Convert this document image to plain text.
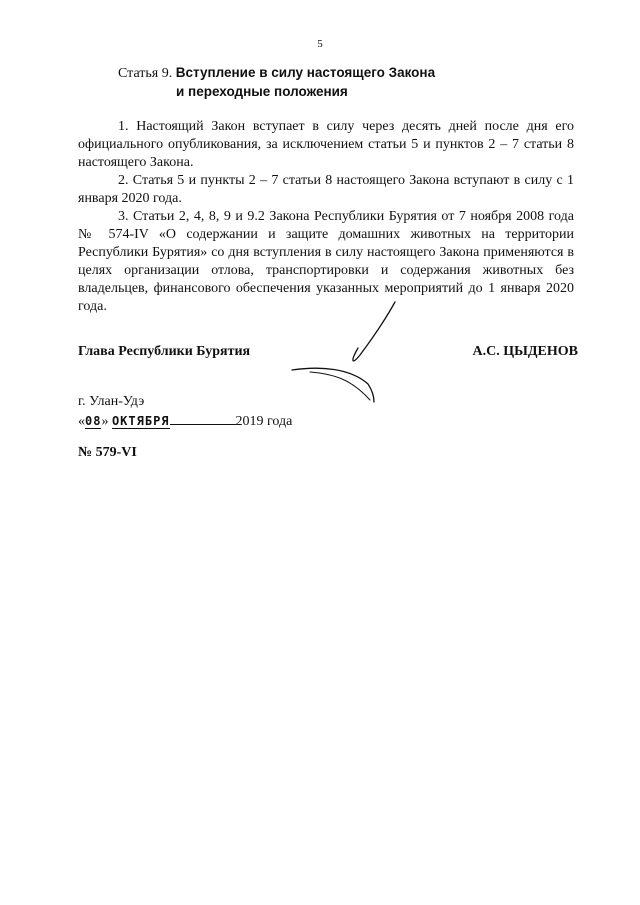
5
Статья 9. Вступление в силу настоящего Закона
и переходные положения

1. Настоящий Закон вступает в силу через десять дней после дня его официального опубликования, за исключением статьи 5 и пунктов 2 – 7 статьи 8 настоящего Закона.

2. Статья 5 и пункты 2 – 7 статьи 8 настоящего Закона вступают в силу с 1 января 2020 года.

3. Статьи 2, 4, 8, 9 и 9.2 Закона Республики Бурятия от 7 ноября 2008 года № 574-IV «О содержании и защите домашних животных на территории Республики Бурятия» со дня вступления в силу настоящего Закона применяются в целях организации отлова, транспортировки и содержания животных без владельцев, финансового обеспечения указанных мероприятий до 1 января 2020 года.

Глава Республики Бурятия	А.С. ЦЫДЕНОВ
г. Улан-Удэ
«08» ОКТЯБРЯ	2019 года
№ 579-VI
